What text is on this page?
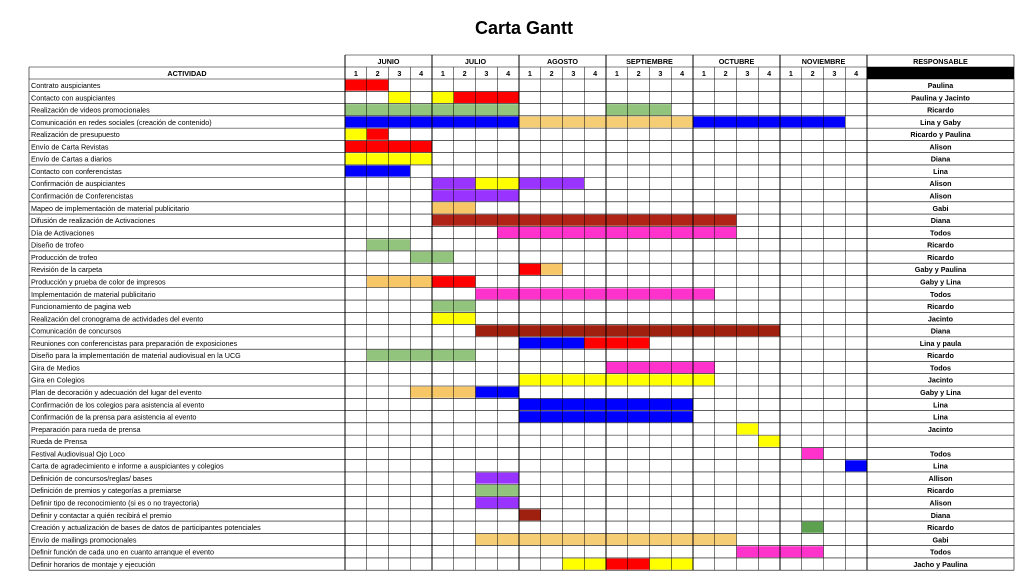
Carta Gantt
JUNIO	JULIO	AGOSTO	SEPTIEMBRE	OCTUBRE	NOVIEMBRE
1 2 3 4 1 2 3 4 1 2 3 4 1 2 3 4 1 2 3 4 1 2 3 4
ACTIVIDAD
RESPONSABLE
Contrato auspiciantes	Paulina
Contacto con auspiciantes	Paulina y Jacinto
Realización de videos promocionales	Ricardo
Comunicación en redes sociales (creación de contenido)	Lina y Gaby
Realización de presupuesto	Ricardo y Paulina
Envío de Carta Revistas	Alison
Envío de Cartas a diarios	Diana
Contacto con conferencistas	Lina
Confirmación de auspiciantes	Alison
Confirmación de Conferencistas	Alison
Mapeo de implementación de material publicitario	Gabi
Difusión de realización de Activaciones	Diana
Día de Activaciones	Todos
Diseño de trofeo	Ricardo
Producción de trofeo	Ricardo
Revisión de la carpeta	Gaby y Paulina
Producción y prueba de color de impresos	Gaby y Lina
Implementación de material publicitario	Todos
Funcionamiento de pagina web	Ricardo
Realización del cronograma de actividades del evento	Jacinto
Comunicación de concursos	Diana
Reuniones con conferencistas para preparación de exposiciones	Lina y paula
Diseño para la implementación de material audiovisual en la UCG	Ricardo
Gira de Medios	Todos
Gira en Colegios	Jacinto
Plan de decoración y adecuación del lugar del evento	Gaby y Lina
Confirmación de los colegios para asistencia al evento	Lina
Confirmación de la prensa para asistencia al evento	Lina
Preparación para rueda de prensa	Jacinto
Rueda de Prensa
Festival Audiovisual Ojo Loco	Todos
Carta de agradecimiento e informe a auspiciantes y colegios	Lina
Definición de concursos/reglas/ bases	Allison
Definición de premios y categorías a premiarse	Ricardo
Definir tipo de reconocimiento (si es o no trayectoria)	Alison
Definir y contactar a quién recibirá el premio	Diana
Creación y actualización de bases de datos de participantes potenciales	Ricardo
Envío de mailings promocionales	Gabi
Definir función de cada uno en cuanto arranque el evento	Todos
Definir horarios de montaje y ejecución	Jacho y Paulina
